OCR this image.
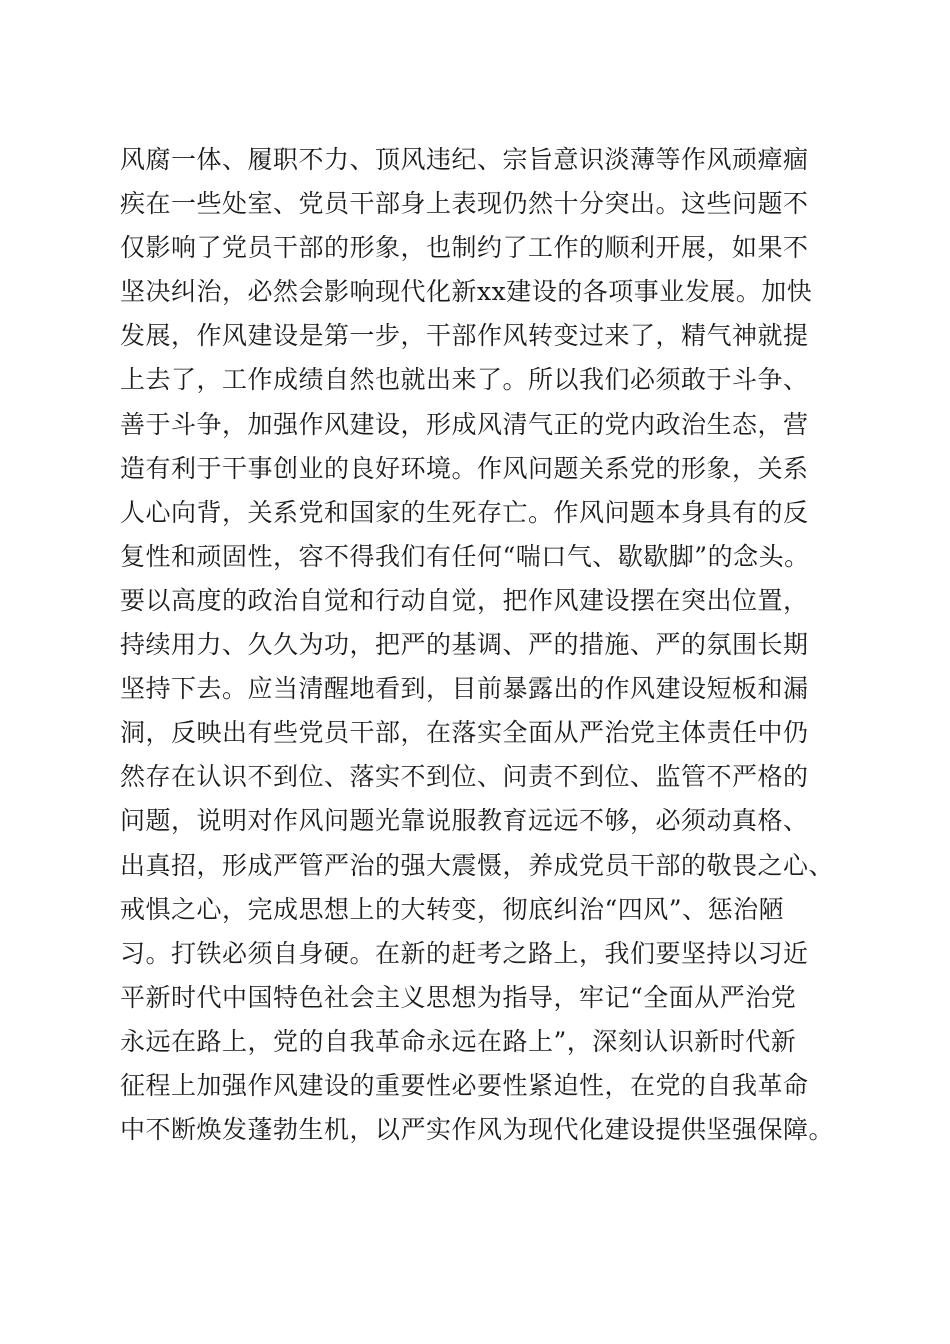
风腐一体、履职不力、顶风违纪、宗旨意识淡薄等作风顽瘴痼
疾在一些处室、党员干部身上表现仍然十分突出。这些问题不
仅影响了党员干部的形象，也制约了工作的顺利开展，如果不
坚决纠治，必然会影响现代化新xx建设的各项事业发展。加快
发展，作风建设是第一步，干部作风转变过来了，精气神就提
上去了，工作成绩自然也就出来了。所以我们必须敢于斗争、
善于斗争，加强作风建设，形成风清气正的党内政治生态，营
造有利于干事创业的良好环境。作风问题关系党的形象，关系
人心向背，关系党和国家的生死存亡。作风问题本身具有的反
复性和顽固性，容不得我们有任何“喘口气、歇歇脚”的念头。
要以高度的政治自觉和行动自觉，把作风建设摆在突出位置，
持续用力、久久为功，把严的基调、严的措施、严的氛围长期
坚持下去。应当清醒地看到，目前暴露出的作风建设短板和漏
洞，反映出有些党员干部，在落实全面从严治党主体责任中仍
然存在认识不到位、落实不到位、问责不到位、监管不严格的
问题，说明对作风问题光靠说服教育远远不够，必须动真格、
出真招，形成严管严治的强大震慑，养成党员干部的敬畏之心、
戒惧之心，完成思想上的大转变，彻底纠治“四风”、惩治陋
习。打铁必须自身硬。在新的赶考之路上，我们要坚持以习近
平新时代中国特色社会主义思想为指导，牢记“全面从严治党
永远在路上，党的自我革命永远在路上”，深刻认识新时代新
征程上加强作风建设的重要性必要性紧迫性，在党的自我革命
中不断焕发蓬勃生机，以严实作风为现代化建设提供坚强保障。
